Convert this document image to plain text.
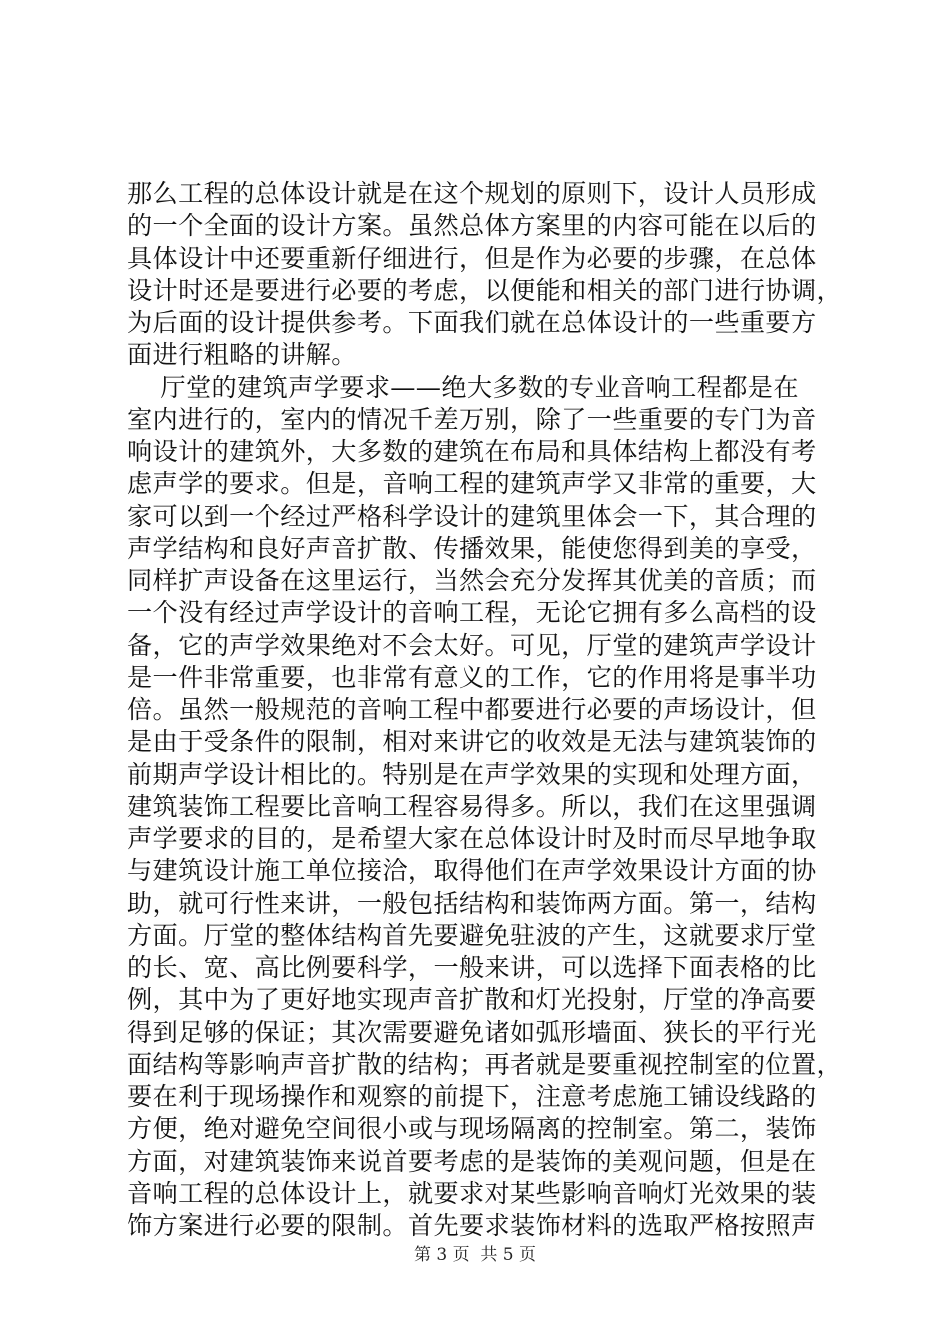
那么工程的总体设计就是在这个规划的原则下，设计人员形成
的一个全面的设计方案。虽然总体方案里的内容可能在以后的
具体设计中还要重新仔细进行，但是作为必要的步骤，在总体
设计时还是要进行必要的考虑，以便能和相关的部门进行协调，
为后面的设计提供参考。下面我们就在总体设计的一些重要方
面进行粗略的讲解。
厅堂的建筑声学要求——绝大多数的专业音响工程都是在
室内进行的，室内的情况千差万别，除了一些重要的专门为音
响设计的建筑外，大多数的建筑在布局和具体结构上都没有考
虑声学的要求。但是，音响工程的建筑声学又非常的重要，大
家可以到一个经过严格科学设计的建筑里体会一下，其合理的
声学结构和良好声音扩散、传播效果，能使您得到美的享受，
同样扩声设备在这里运行，当然会充分发挥其优美的音质；而
一个没有经过声学设计的音响工程，无论它拥有多么高档的设
备，它的声学效果绝对不会太好。可见，厅堂的建筑声学设计
是一件非常重要，也非常有意义的工作，它的作用将是事半功
倍。虽然一般规范的音响工程中都要进行必要的声场设计，但
是由于受条件的限制，相对来讲它的收效是无法与建筑装饰的
前期声学设计相比的。特别是在声学效果的实现和处理方面，
建筑装饰工程要比音响工程容易得多。所以，我们在这里强调
声学要求的目的，是希望大家在总体设计时及时而尽早地争取
与建筑设计施工单位接洽，取得他们在声学效果设计方面的协
助，就可行性来讲，一般包括结构和装饰两方面。第一，结构
方面。厅堂的整体结构首先要避免驻波的产生，这就要求厅堂
的长、宽、高比例要科学，一般来讲，可以选择下面表格的比
例，其中为了更好地实现声音扩散和灯光投射，厅堂的净高要
得到足够的保证；其次需要避免诸如弧形墙面、狭长的平行光
面结构等影响声音扩散的结构；再者就是要重视控制室的位置，
要在利于现场操作和观察的前提下，注意考虑施工铺设线路的
方便，绝对避免空间很小或与现场隔离的控制室。第二，装饰
方面，对建筑装饰来说首要考虑的是装饰的美观问题，但是在
音响工程的总体设计上，就要求对某些影响音响灯光效果的装
饰方案进行必要的限制。首先要求装饰材料的选取严格按照声
第 3 页  共 5 页
